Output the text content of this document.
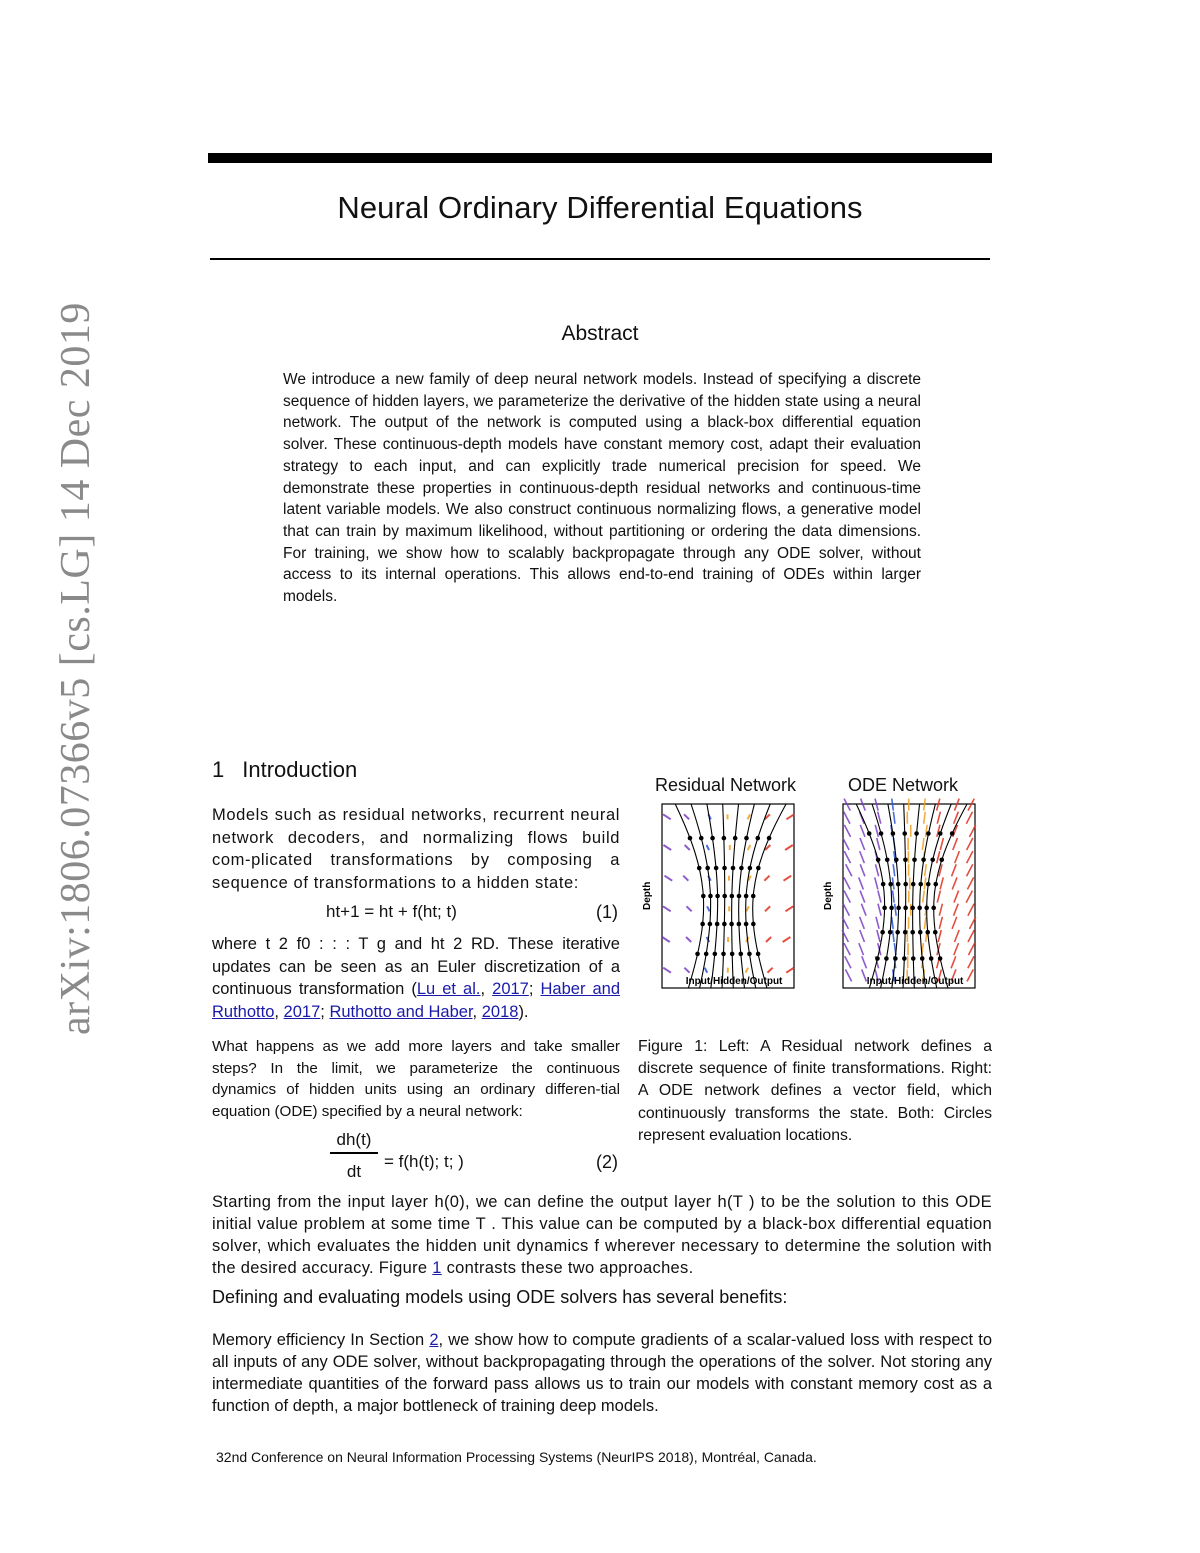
Neural Ordinary Differential Equations
Abstract
We introduce a new family of deep neural network models. Instead of specifying a discrete sequence of hidden layers, we parameterize the derivative of the hidden state using a neural network. The output of the network is computed using a black-box differential equation solver. These continuous-depth models have constant memory cost, adapt their evaluation strategy to each input, and can explicitly trade numerical precision for speed. We demonstrate these properties in continuous-depth residual networks and continuous-time latent variable models. We also construct continuous normalizing flows, a generative model that can train by maximum likelihood, without partitioning or ordering the data dimensions. For training, we show how to scalably backpropagate through any ODE solver, without access to its internal operations. This allows end-to-end training of ODEs within larger models.
arXiv:1806.07366v5 [cs.LG] 14 Dec 2019	1 Introduction
Models such as residual networks, recurrent neural network decoders, and normalizing flows build com-plicated transformations by composing a sequence of transformations to a hidden state:
ht+1 = ht + f(ht; t)	(1)
where t 2 f0 : : : T g and ht 2 RD. These iterative updates can be seen as an Euler discretization of a continuous transformation (Lu et al., 2017; Haber and Ruthotto, 2017; Ruthotto and Haber, 2018).
What happens as we add more layers and take smaller steps? In the limit, we parameterize the continuous dynamics of hidden units using an ordinary differen-tial equation (ODE) specified by a neural network:
dh(t)
dt
= f(h(t); t; )	(2)
Residual Network	ODE Network
Depth
Input/Hidden/Output
Depth
Input/Hidden/Output
Figure 1: Left: A Residual network defines a discrete sequence of finite transformations. Right: A ODE network defines a vector field, which continuously transforms the state. Both: Circles represent evaluation locations.
Starting from the input layer h(0), we can define the output layer h(T ) to be the solution to this ODE initial value problem at some time T . This value can be computed by a black-box differential equation solver, which evaluates the hidden unit dynamics f wherever necessary to determine the solution with the desired accuracy. Figure 1 contrasts these two approaches.
Defining and evaluating models using ODE solvers has several benefits:
Memory efficiency In Section 2, we show how to compute gradients of a scalar-valued loss with respect to all inputs of any ODE solver, without backpropagating through the operations of the solver. Not storing any intermediate quantities of the forward pass allows us to train our models with constant memory cost as a function of depth, a major bottleneck of training deep models.
32nd Conference on Neural Information Processing Systems (NeurIPS 2018), Montréal, Canada.
